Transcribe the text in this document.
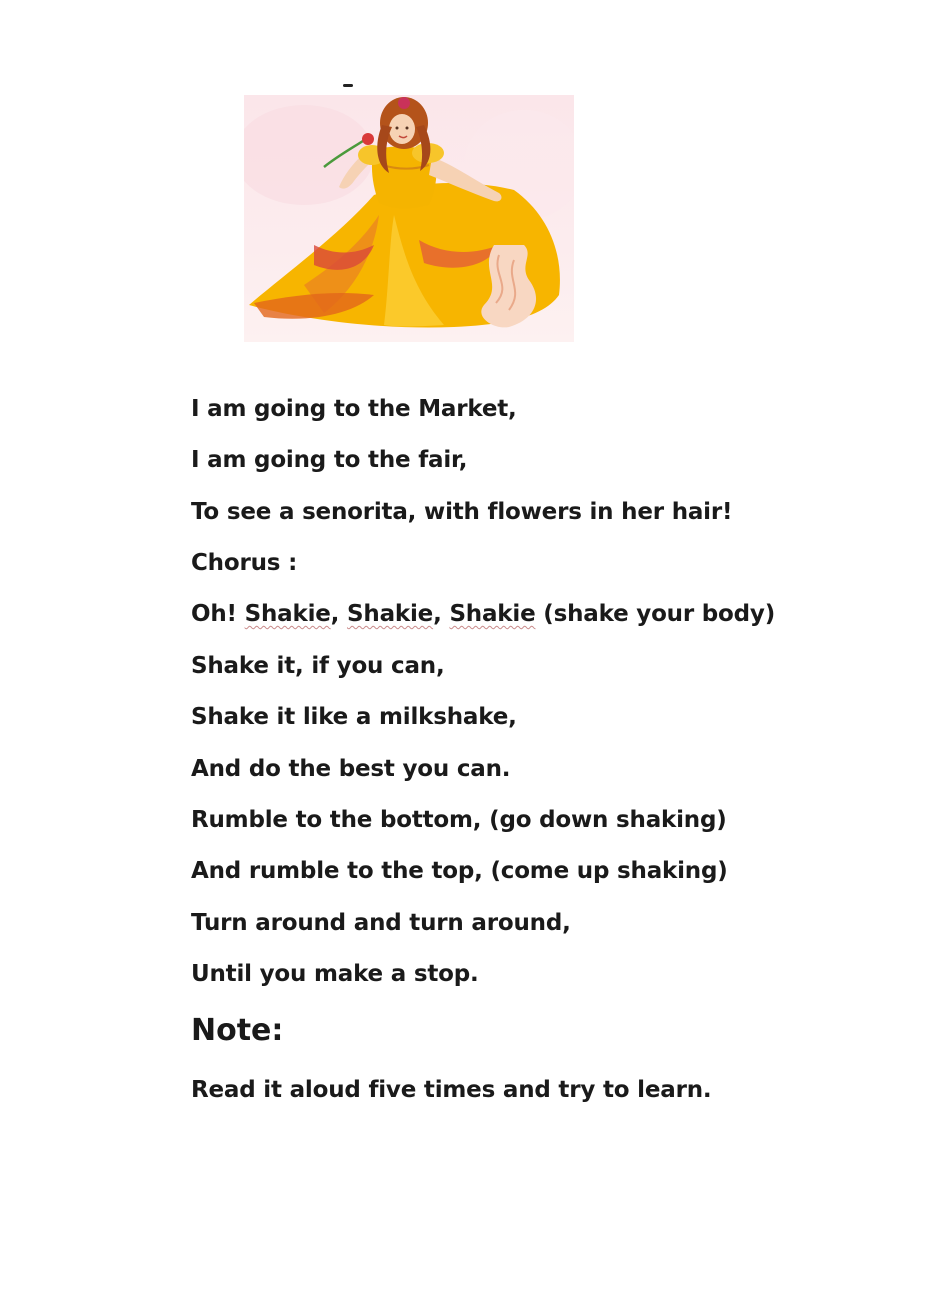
I am going to the Market,
I am going to the fair,
To see a senorita, with flowers in her hair!
Chorus :
Oh! Shakie, Shakie, Shakie (shake your body)
Shake it, if you can,
Shake it like a milkshake,
And do the best you can.
Rumble to the bottom, (go down shaking)
And rumble to the top, (come up shaking)
Turn around and turn around,
Until you make a stop.
Note:
Read it aloud five times and try to learn.
